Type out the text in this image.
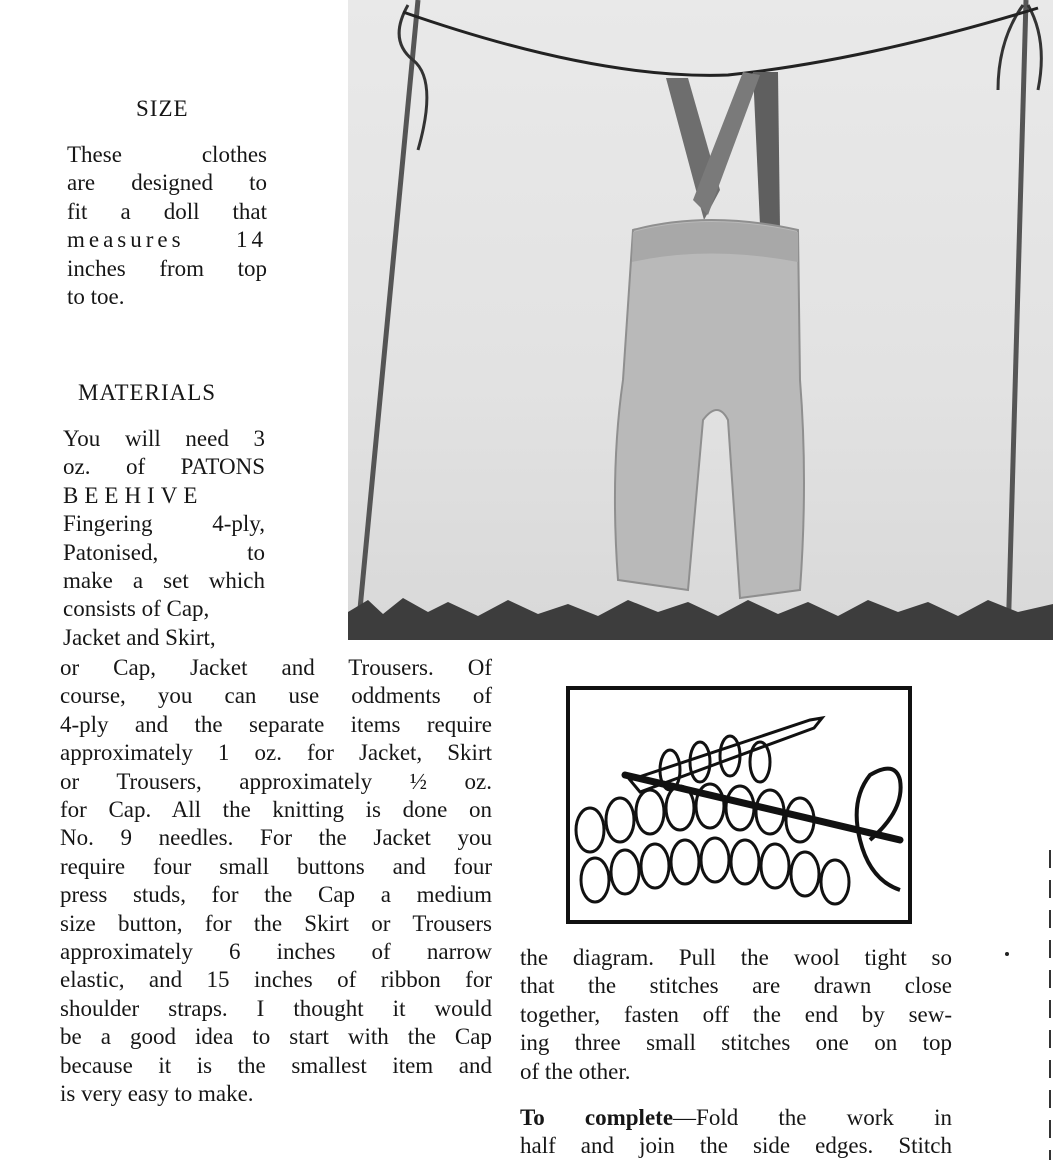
SIZE

These clothes
are designed to
fit a doll that
measures 14
inches from top
to toe.

MATERIALS

You will need 3
oz. of PATONS
BEEHIVE
Fingering 4-ply,
Patonised, to
make a set which
consists of Cap,
Jacket and Skirt,

or Cap, Jacket and Trousers. Of
course, you can use oddments of
4-ply and the separate items require
approximately 1 oz. for Jacket, Skirt
or Trousers, approximately ½ oz.
for Cap. All the knitting is done on
No. 9 needles. For the Jacket you
require four small buttons and four
press studs, for the Cap a medium
size button, for the Skirt or Trousers
approximately 6 inches of narrow
elastic, and 15 inches of ribbon for
shoulder straps. I thought it would
be a good idea to start with the Cap
because it is the smallest item and
is very easy to make.

the diagram. Pull the wool tight so
that the stitches are drawn close
together, fasten off the end by sew-
ing three small stitches one on top
of the other.

To complete—Fold the work in
half and join the side edges. Stitch
